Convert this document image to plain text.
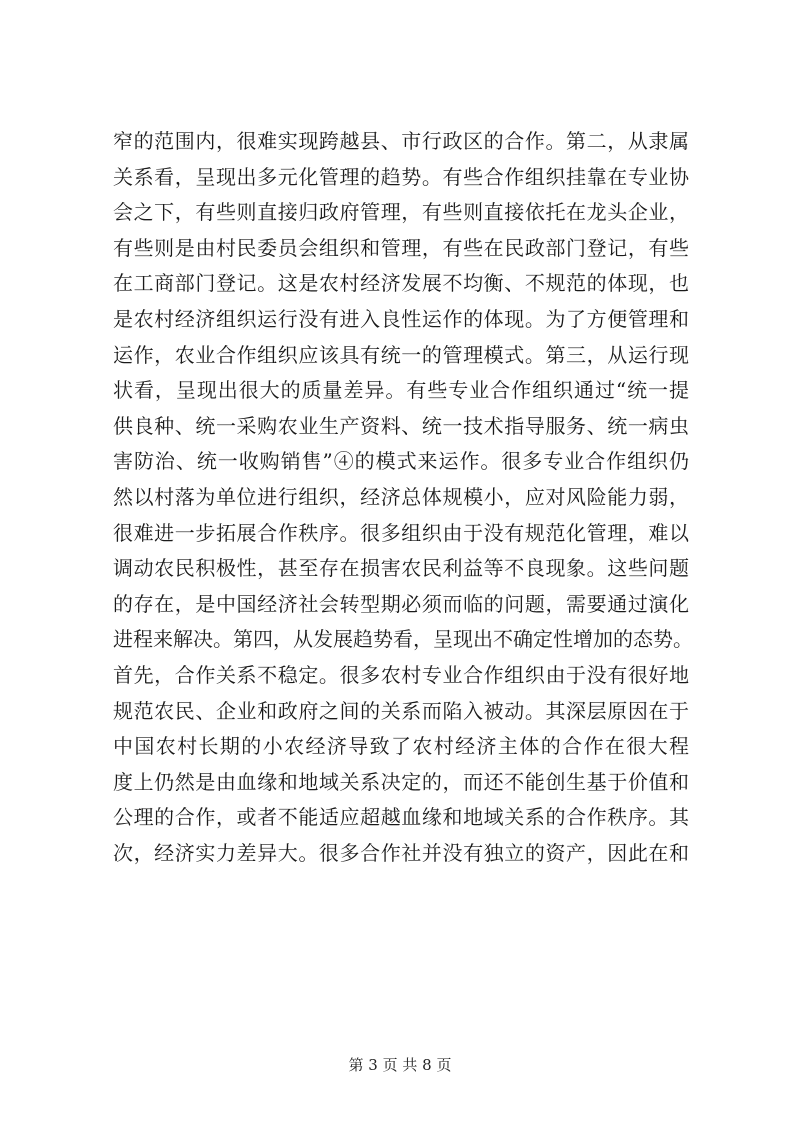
窄的范围内，很难实现跨越县、市行政区的合作。第二，从隶属
关系看，呈现出多元化管理的趋势。有些合作组织挂靠在专业协
会之下，有些则直接归政府管理，有些则直接依托在龙头企业，
有些则是由村民委员会组织和管理，有些在民政部门登记，有些
在工商部门登记。这是农村经济发展不均衡、不规范的体现，也
是农村经济组织运行没有进入良性运作的体现。为了方便管理和
运作，农业合作组织应该具有统一的管理模式。第三，从运行现
状看，呈现出很大的质量差异。有些专业合作组织通过“统一提
供良种、统一采购农业生产资料、统一技术指导服务、统一病虫
害防治、统一收购销售”④的模式来运作。很多专业合作组织仍
然以村落为单位进行组织，经济总体规模小，应对风险能力弱，
很难进一步拓展合作秩序。很多组织由于没有规范化管理，难以
调动农民积极性，甚至存在损害农民利益等不良现象。这些问题
的存在，是中国经济社会转型期必须而临的问题，需要通过演化
进程来解决。第四，从发展趋势看，呈现出不确定性增加的态势。
首先，合作关系不稳定。很多农村专业合作组织由于没有很好地
规范农民、企业和政府之间的关系而陷入被动。其深层原因在于
中国农村长期的小农经济导致了农村经济主体的合作在很大程
度上仍然是由血缘和地域关系决定的，而还不能创生基于价值和
公理的合作，或者不能适应超越血缘和地域关系的合作秩序。其
次，经济实力差异大。很多合作社并没有独立的资产，因此在和
第 3 页 共 8 页
